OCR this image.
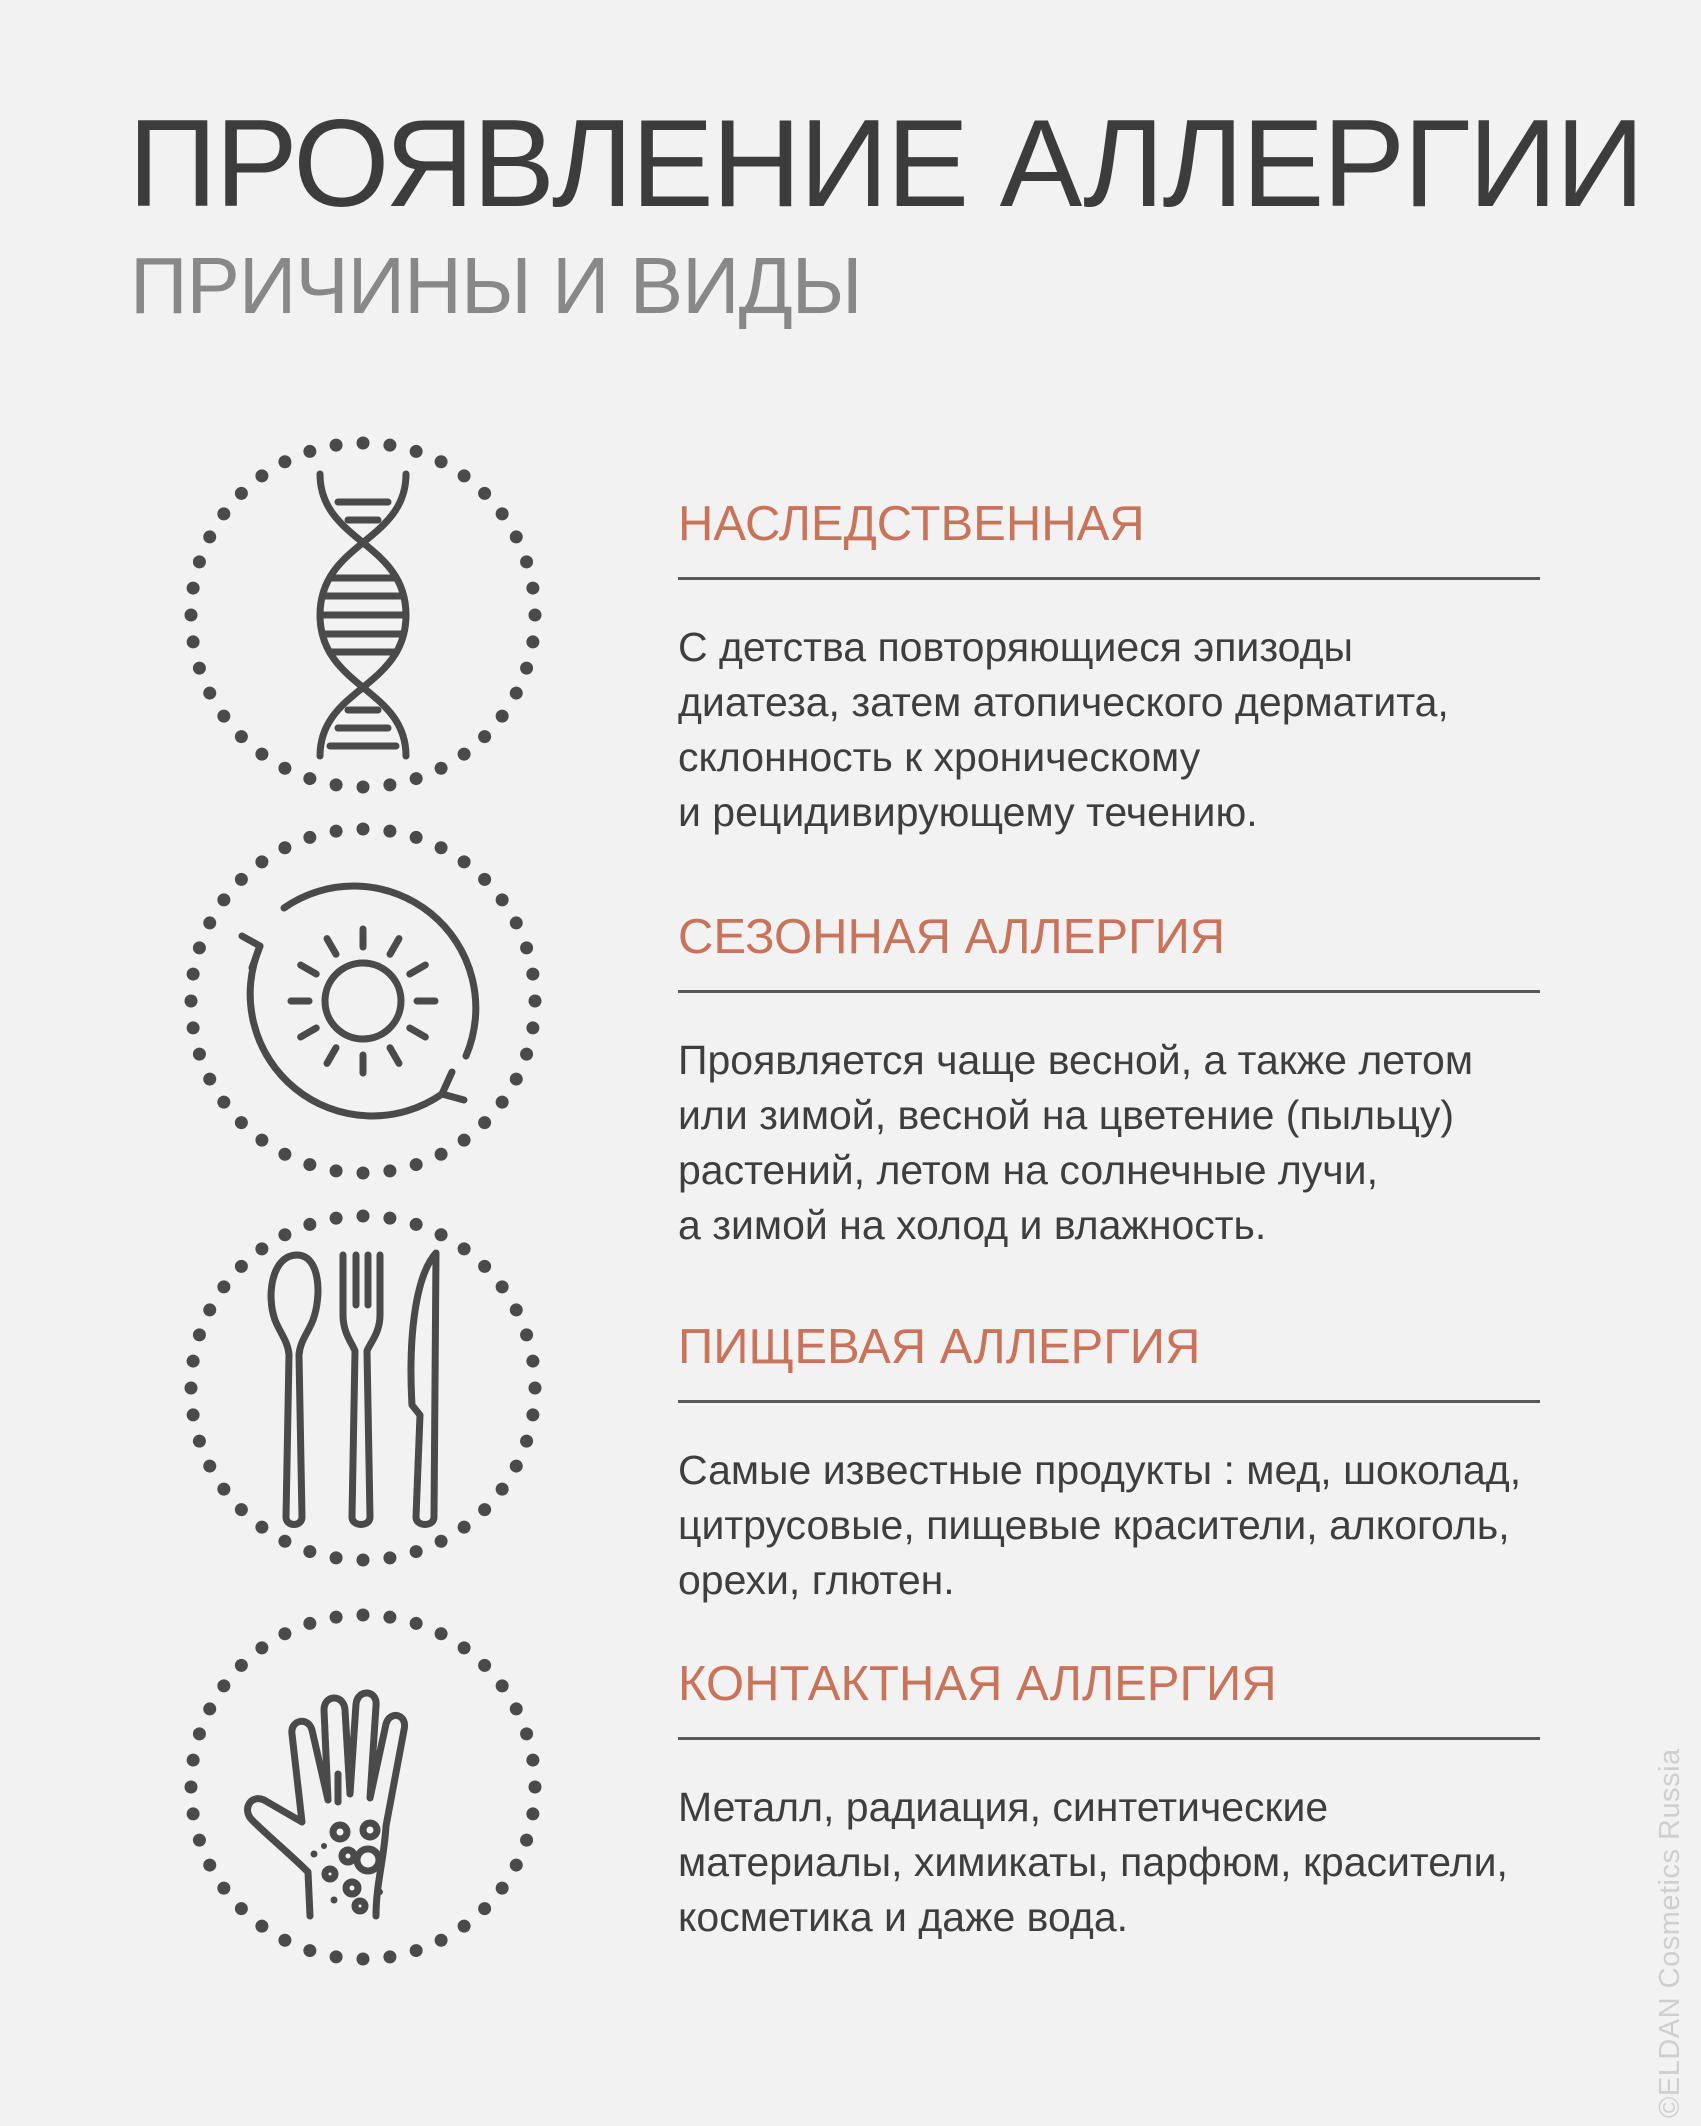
ПРОЯВЛЕНИЕ АЛЛЕРГИИ
ПРИЧИНЫ И ВИДЫ
НАСЛЕДСТВЕННАЯ
С детства повторяющиеся эпизоды
диатеза, затем атопического дерматита,
склонность к хроническому
и рецидивирующему течению.
СЕЗОННАЯ АЛЛЕРГИЯ
Проявляется чаще весной, а также летом
или зимой, весной на цветение (пыльцу)
растений, летом на солнечные лучи,
а зимой на холод и влажность.
ПИЩЕВАЯ АЛЛЕРГИЯ
Самые известные продукты : мед, шоколад,
цитрусовые, пищевые красители, алкоголь,
орехи, глютен.
КОНТАКТНАЯ АЛЛЕРГИЯ
Металл, радиация, синтетические
материалы, химикаты, парфюм, красители,
косметика и даже вода.	©ELDAN Cosmetics Russia
